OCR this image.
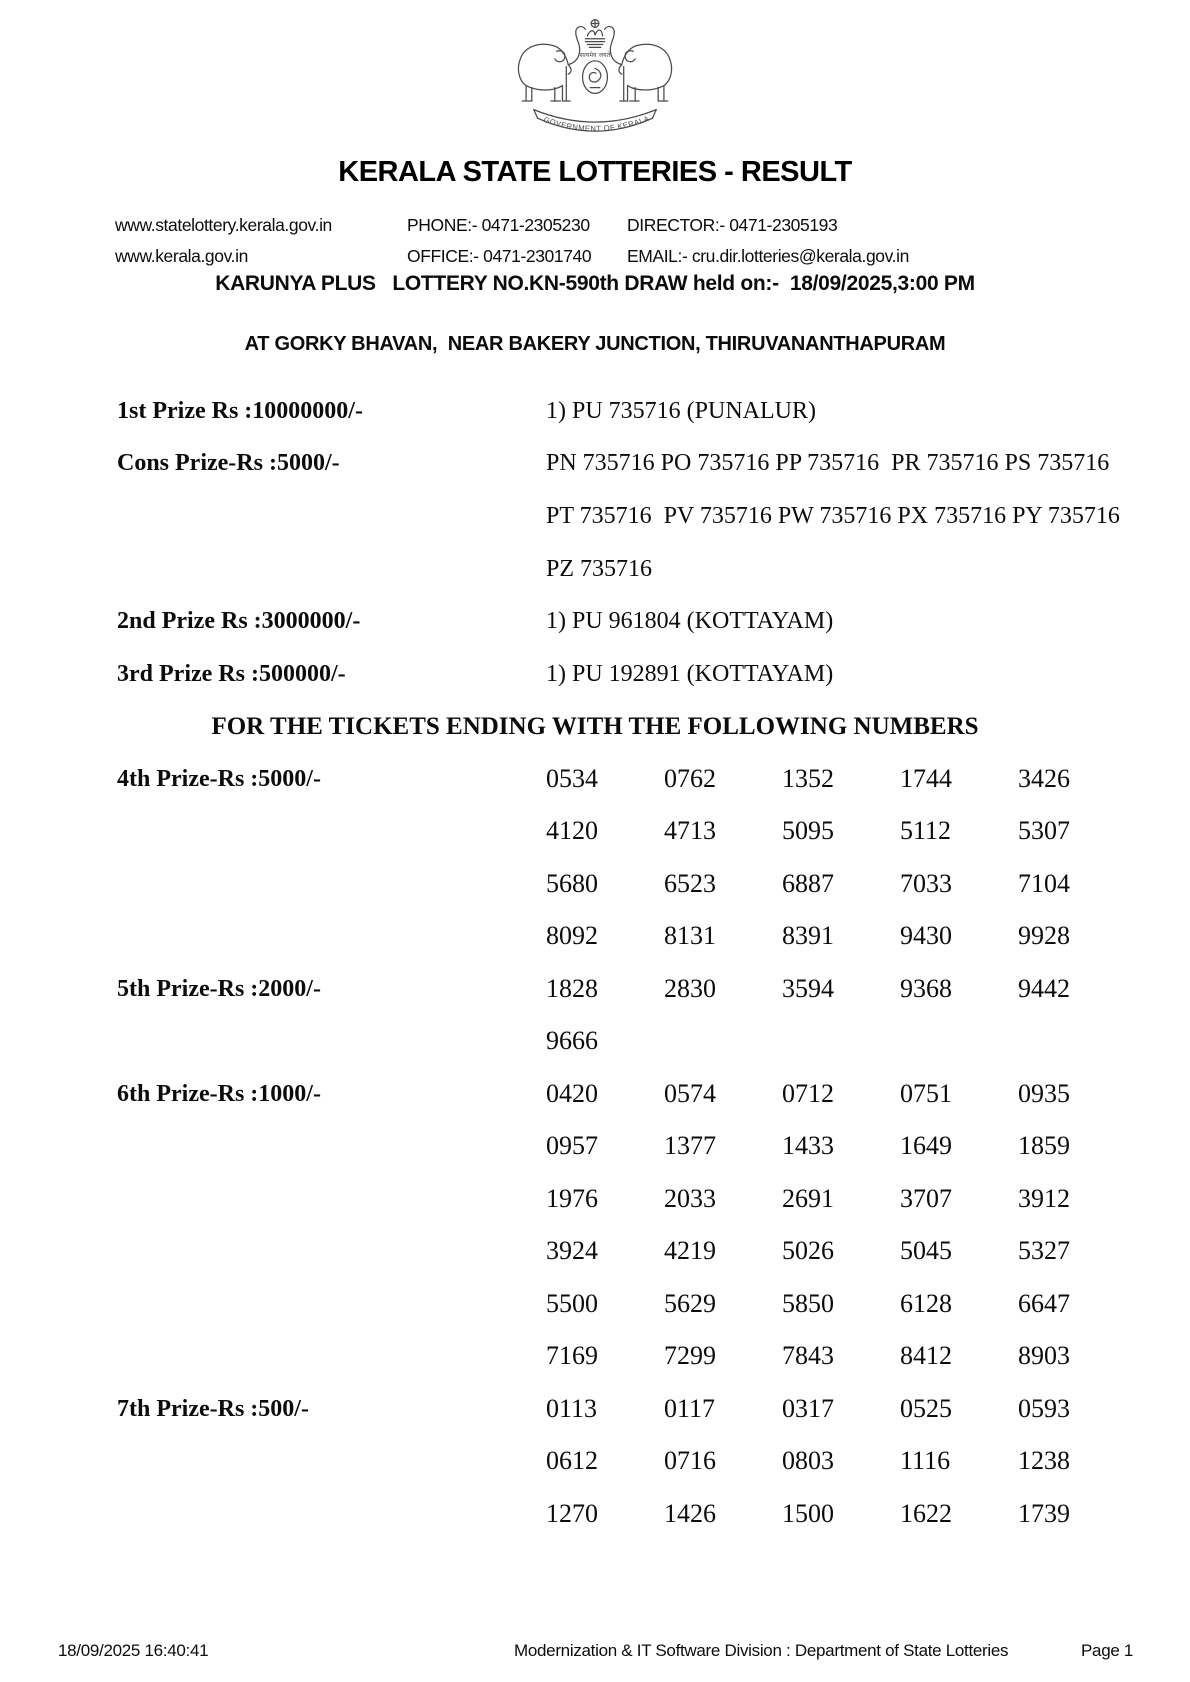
सत्यमेव जयते
GOVERNMENT OF KERALA
KERALA STATE LOTTERIES - RESULT
www.statelottery.kerala.gov.in	PHONE:- 0471-2305230 DIRECTOR:- 0471-2305193
www.kerala.gov.in	OFFICE:- 0471-2301740 EMAIL:- cru.dir.lotteries@kerala.gov.in
KARUNYA PLUS   LOTTERY NO.KN-590th DRAW held on:-  18/09/2025,3:00 PM
AT GORKY BHAVAN,  NEAR BAKERY JUNCTION, THIRUVANANTHAPURAM
1st Prize Rs :10000000/-	1) PU 735716 (PUNALUR)
Cons Prize-Rs :5000/-	PN 735716 PO 735716 PP 735716  PR 735716 PS 735716
PT 735716  PV 735716 PW 735716 PX 735716 PY 735716
PZ 735716
2nd Prize Rs :3000000/-	1) PU 961804 (KOTTAYAM)
3rd Prize Rs :500000/-	1) PU 192891 (KOTTAYAM)
FOR THE TICKETS ENDING WITH THE FOLLOWING NUMBERS
4th Prize-Rs :5000/-	0534	0762	1352	1744	3426
4120	4713	5095	5112	5307
5680	6523	6887	7033	7104
8092	8131	8391	9430	9928
5th Prize-Rs :2000/-	1828	2830	3594	9368	9442
9666
6th Prize-Rs :1000/-	0420	0574	0712	0751	0935
0957	1377	1433	1649	1859
1976	2033	2691	3707	3912
3924	4219	5026	5045	5327
5500	5629	5850	6128	6647
7169	7299	7843	8412	8903
7th Prize-Rs :500/-	0113	0117	0317	0525	0593
0612	0716	0803	1116	1238
1270	1426	1500	1622	1739
18/09/2025 16:40:41	Modernization & IT Software Division : Department of State Lotteries	Page 1
